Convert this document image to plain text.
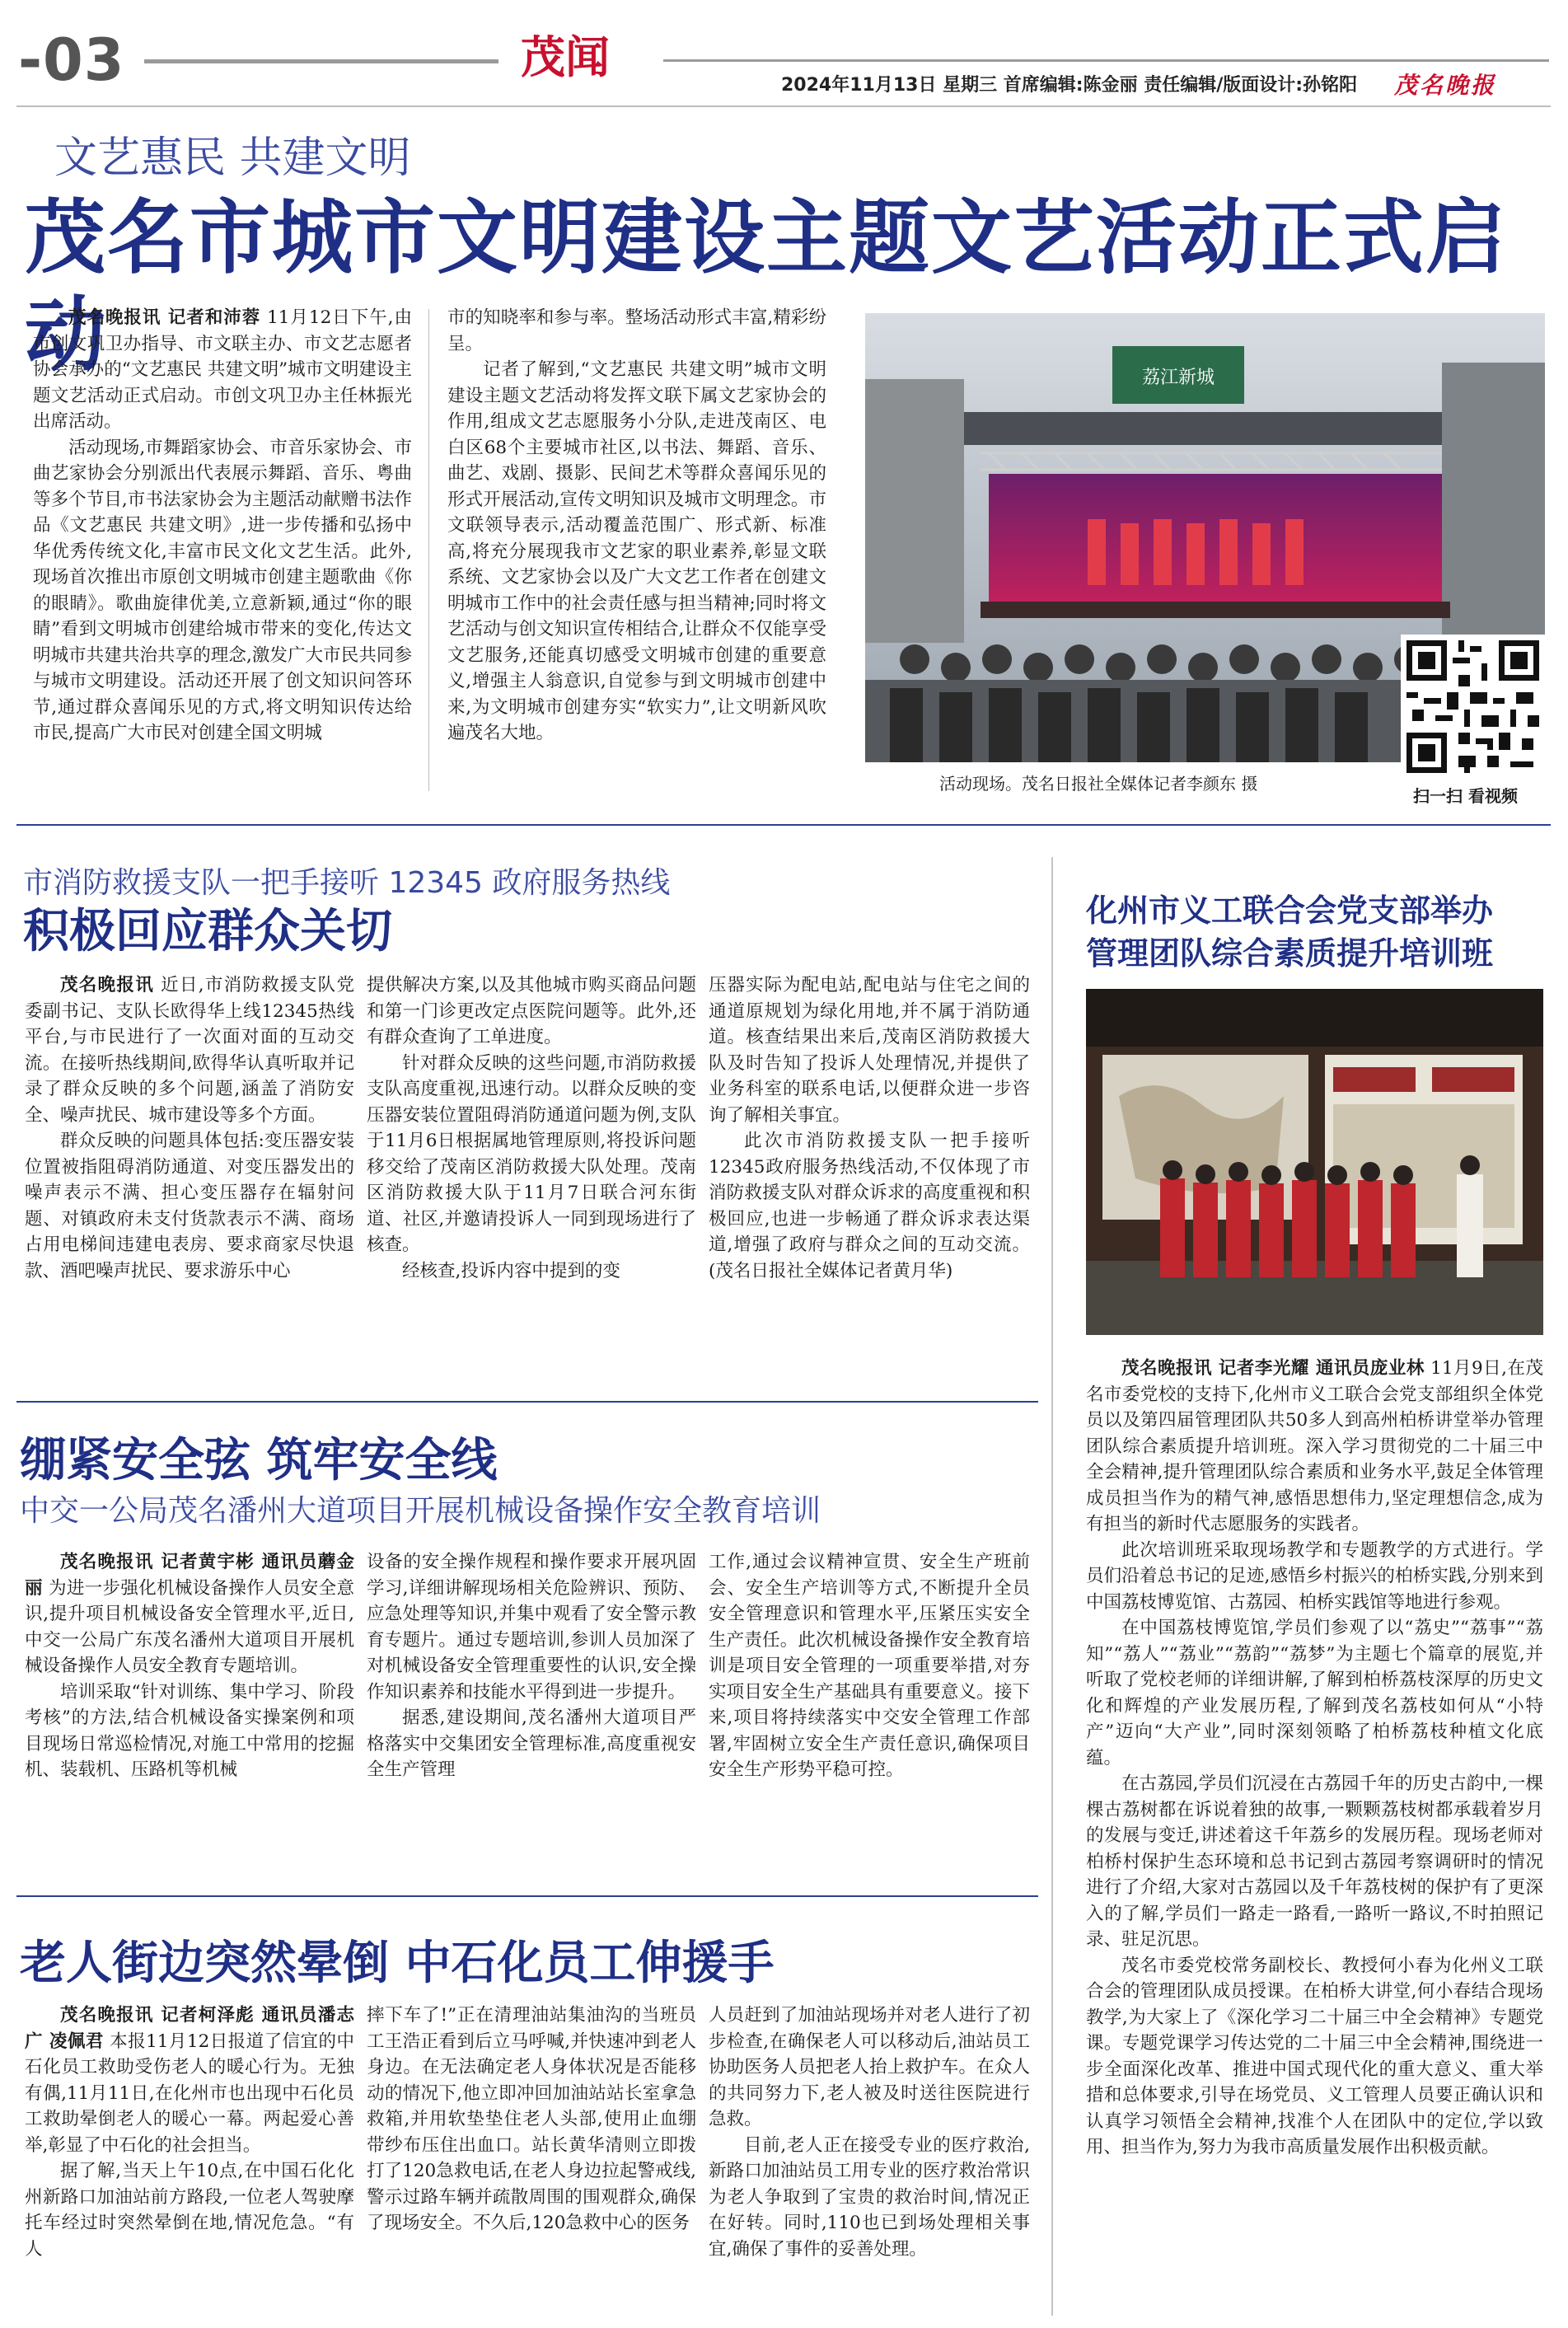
-03	茂闻
2024年11月13日 星期三 首席编辑:陈金丽 责任编辑/版面设计:孙铭阳 茂名晚报
文艺惠民 共建文明
茂名市城市文明建设主题文艺活动正式启动

茂名晚报讯 记者和沛蓉 11月12日下午,由市创文巩卫办指导、市文联主办、市文艺志愿者协会承办的“文艺惠民 共建文明”城市文明建设主题文艺活动正式启动。市创文巩卫办主任林振光出席活动。

活动现场,市舞蹈家协会、市音乐家协会、市曲艺家协会分别派出代表展示舞蹈、音乐、粤曲等多个节目,市书法家协会为主题活动献赠书法作品《文艺惠民 共建文明》,进一步传播和弘扬中华优秀传统文化,丰富市民文化文艺生活。此外,现场首次推出市原创文明城市创建主题歌曲《你的眼睛》。歌曲旋律优美,立意新颖,通过“你的眼睛”看到文明城市创建给城市带来的变化,传达文明城市共建共治共享的理念,激发广大市民共同参与城市文明建设。活动还开展了创文知识问答环节,通过群众喜闻乐见的方式,将文明知识传达给市民,提高广大市民对创建全国文明城

市的知晓率和参与率。整场活动形式丰富,精彩纷呈。

记者了解到,“文艺惠民 共建文明”城市文明建设主题文艺活动将发挥文联下属文艺家协会的作用,组成文艺志愿服务小分队,走进茂南区、电白区68个主要城市社区,以书法、舞蹈、音乐、曲艺、戏剧、摄影、民间艺术等群众喜闻乐见的形式开展活动,宣传文明知识及城市文明理念。市文联领导表示,活动覆盖范围广、形式新、标准高,将充分展现我市文艺家的职业素养,彰显文联系统、文艺家协会以及广大文艺工作者在创建文明城市工作中的社会责任感与担当精神;同时将文艺活动与创文知识宣传相结合,让群众不仅能享受文艺服务,还能真切感受文明城市创建的重要意义,增强主人翁意识,自觉参与到文明城市创建中来,为文明城市创建夯实“软实力”,让文明新风吹遍茂名大地。

荔江新城
活动现场。茂名日报社全媒体记者李颜东 摄
扫一扫 看视频
市消防救援支队一把手接听 12345 政府服务热线
积极回应群众关切

茂名晚报讯 近日,市消防救援支队党委副书记、支队长欧得华上线12345热线平台,与市民进行了一次面对面的互动交流。在接听热线期间,欧得华认真听取并记录了群众反映的多个问题,涵盖了消防安全、噪声扰民、城市建设等多个方面。

群众反映的问题具体包括:变压器安装位置被指阻碍消防通道、对变压器发出的噪声表示不满、担心变压器存在辐射问题、对镇政府未支付货款表示不满、商场占用电梯间违建电表房、要求商家尽快退款、酒吧噪声扰民、要求游乐中心

提供解决方案,以及其他城市购买商品问题和第一门诊更改定点医院问题等。此外,还有群众查询了工单进度。

针对群众反映的这些问题,市消防救援支队高度重视,迅速行动。以群众反映的变压器安装位置阻碍消防通道问题为例,支队于11月6日根据属地管理原则,将投诉问题移交给了茂南区消防救援大队处理。茂南区消防救援大队于11月7日联合河东街道、社区,并邀请投诉人一同到现场进行了核查。

经核查,投诉内容中提到的变

压器实际为配电站,配电站与住宅之间的通道原规划为绿化用地,并不属于消防通道。核查结果出来后,茂南区消防救援大队及时告知了投诉人处理情况,并提供了业务科室的联系电话,以便群众进一步咨询了解相关事宜。

此次市消防救援支队一把手接听12345政府服务热线活动,不仅体现了市消防救援支队对群众诉求的高度重视和积极回应,也进一步畅通了群众诉求表达渠道,增强了政府与群众之间的互动交流。(茂名日报社全媒体记者黄月华)

绷紧安全弦 筑牢安全线
中交一公局茂名潘州大道项目开展机械设备操作安全教育培训

茂名晚报讯 记者黄宇彬 通讯员蘑金丽 为进一步强化机械设备操作人员安全意识,提升项目机械设备安全管理水平,近日,中交一公局广东茂名潘州大道项目开展机械设备操作人员安全教育专题培训。

培训采取“针对训练、集中学习、阶段考核”的方法,结合机械设备实操案例和项目现场日常巡检情况,对施工中常用的挖掘机、装载机、压路机等机械

设备的安全操作规程和操作要求开展巩固学习,详细讲解现场相关危险辨识、预防、应急处理等知识,并集中观看了安全警示教育专题片。通过专题培训,参训人员加深了对机械设备安全管理重要性的认识,安全操作知识素养和技能水平得到进一步提升。

据悉,建设期间,茂名潘州大道项目严格落实中交集团安全管理标准,高度重视安全生产管理

工作,通过会议精神宣贯、安全生产班前会、安全生产培训等方式,不断提升全员安全管理意识和管理水平,压紧压实安全生产责任。此次机械设备操作安全教育培训是项目安全管理的一项重要举措,对夯实项目安全生产基础具有重要意义。接下来,项目将持续落实中交安全管理工作部署,牢固树立安全生产责任意识,确保项目安全生产形势平稳可控。

老人街边突然晕倒 中石化员工伸援手

茂名晚报讯 记者柯泽彪 通讯员潘志广 凌佩君 本报11月12日报道了信宜的中石化员工救助受伤老人的暖心行为。无独有偶,11月11日,在化州市也出现中石化员工救助晕倒老人的暖心一幕。两起爱心善举,彰显了中石化的社会担当。

据了解,当天上午10点,在中国石化化州新路口加油站前方路段,一位老人驾驶摩托车经过时突然晕倒在地,情况危急。“有人

摔下车了!”正在清理油站集油沟的当班员工王浩正看到后立马呼喊,并快速冲到老人身边。在无法确定老人身体状况是否能移动的情况下,他立即冲回加油站站长室拿急救箱,并用软垫垫住老人头部,使用止血绷带纱布压住出血口。站长黄华清则立即拨打了120急救电话,在老人身边拉起警戒线,警示过路车辆并疏散周围的围观群众,确保了现场安全。不久后,120急救中心的医务

人员赶到了加油站现场并对老人进行了初步检查,在确保老人可以移动后,油站员工协助医务人员把老人抬上救护车。在众人的共同努力下,老人被及时送往医院进行急救。

目前,老人正在接受专业的医疗救治,新路口加油站员工用专业的医疗救治常识为老人争取到了宝贵的救治时间,情况正在好转。同时,110也已到场处理相关事宜,确保了事件的妥善处理。

化州市义工联合会党支部举办
管理团队综合素质提升培训班

茂名晚报讯 记者李光耀 通讯员庞业林 11月9日,在茂名市委党校的支持下,化州市义工联合会党支部组织全体党员以及第四届管理团队共50多人到高州柏桥讲堂举办管理团队综合素质提升培训班。深入学习贯彻党的二十届三中全会精神,提升管理团队综合素质和业务水平,鼓足全体管理成员担当作为的精气神,感悟思想伟力,坚定理想信念,成为有担当的新时代志愿服务的实践者。

此次培训班采取现场教学和专题教学的方式进行。学员们沿着总书记的足迹,感悟乡村振兴的柏桥实践,分别来到中国荔枝博览馆、古荔园、柏桥实践馆等地进行参观。

在中国荔枝博览馆,学员们参观了以“荔史”“荔事”“荔知”“荔人”“荔业”“荔韵”“荔梦”为主题七个篇章的展览,并听取了党校老师的详细讲解,了解到柏桥荔枝深厚的历史文化和辉煌的产业发展历程,了解到茂名荔枝如何从“小特产”迈向“大产业”,同时深刻领略了柏桥荔枝种植文化底蕴。

在古荔园,学员们沉浸在古荔园千年的历史古韵中,一棵棵古荔树都在诉说着独的故事,一颗颗荔枝树都承载着岁月的发展与变迁,讲述着这千年荔乡的发展历程。现场老师对柏桥村保护生态环境和总书记到古荔园考察调研时的情况进行了介绍,大家对古荔园以及千年荔枝树的保护有了更深入的了解,学员们一路走一路看,一路听一路议,不时拍照记录、驻足沉思。

茂名市委党校常务副校长、教授何小春为化州义工联合会的管理团队成员授课。在柏桥大讲堂,何小春结合现场教学,为大家上了《深化学习二十届三中全会精神》专题党课。专题党课学习传达党的二十届三中全会精神,围绕进一步全面深化改革、推进中国式现代化的重大意义、重大举措和总体要求,引导在场党员、义工管理人员要正确认识和认真学习领悟全会精神,找准个人在团队中的定位,学以致用、担当作为,努力为我市高质量发展作出积极贡献。
